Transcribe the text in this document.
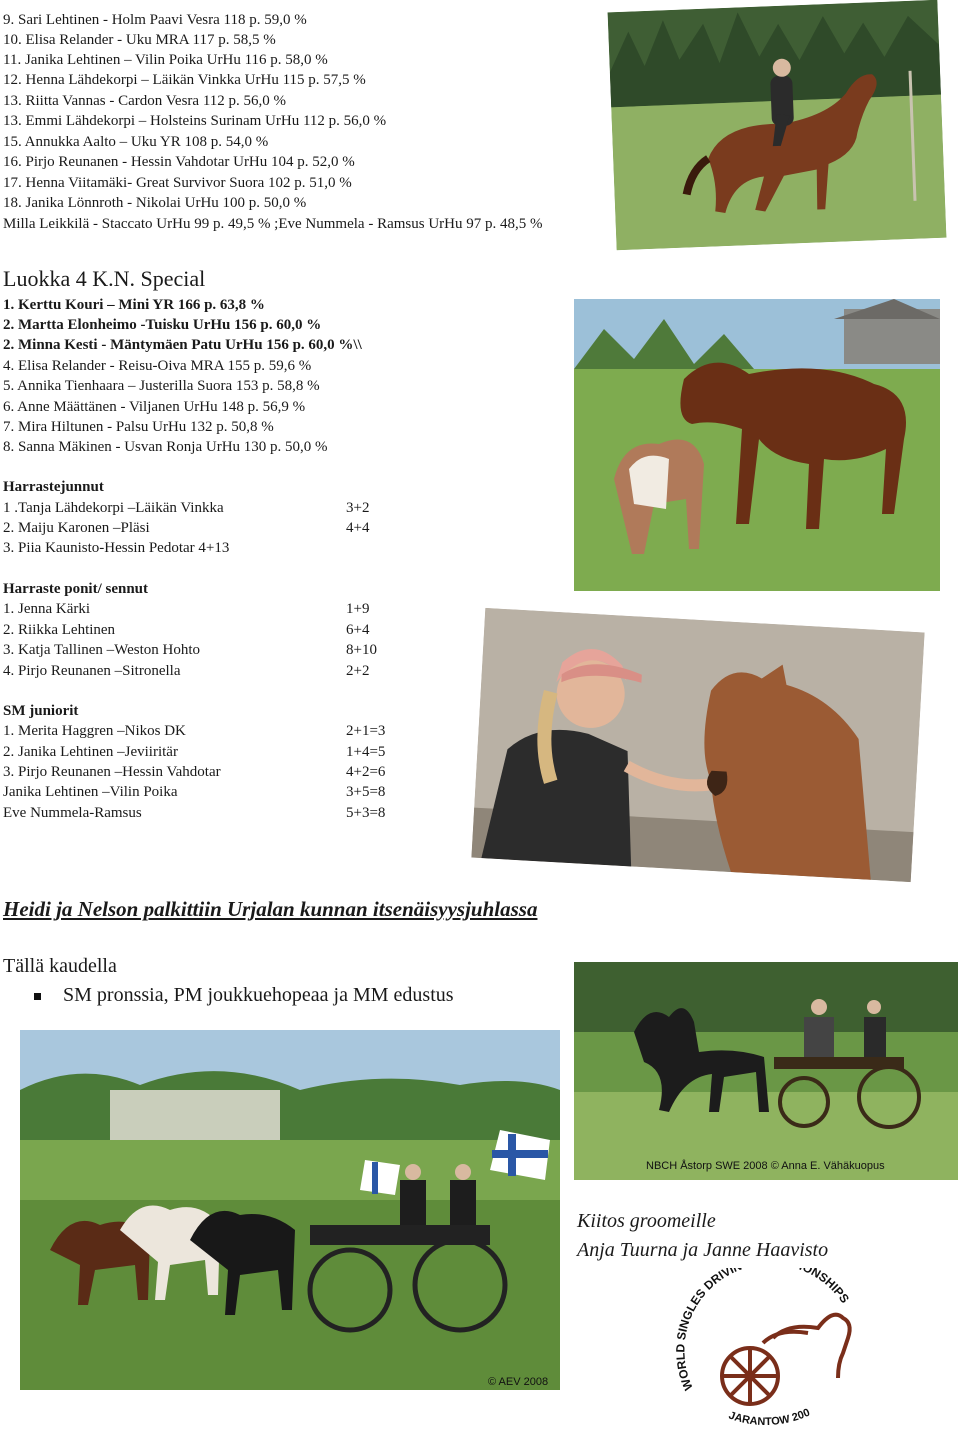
9. Sari Lehtinen - Holm Paavi Vesra 118 p. 59,0 %
10. Elisa Relander - Uku MRA 117 p. 58,5 %
11. Janika Lehtinen – Vilin Poika UrHu 116 p. 58,0 %
12. Henna Lähdekorpi – Läikän Vinkka UrHu 115 p. 57,5 %
13. Riitta Vannas - Cardon Vesra 112 p. 56,0 %
13. Emmi Lähdekorpi – Holsteins Surinam UrHu 112 p. 56,0 %
15. Annukka Aalto – Uku YR 108 p. 54,0 %
16. Pirjo Reunanen - Hessin Vahdotar UrHu 104 p. 52,0 %
17. Henna Viitamäki- Great Survivor Suora 102 p. 51,0 %
18. Janika Lönnroth - Nikolai UrHu 100 p. 50,0 %
Milla Leikkilä - Staccato UrHu 99 p. 49,5 % ;Eve Nummela - Ramsus UrHu 97 p. 48,5 %
Luokka 4 K.N. Special
1. Kerttu Kouri – Mini YR 166 p. 63,8 %
2. Martta Elonheimo -Tuisku UrHu 156 p. 60,0 %
2. Minna Kesti - Mäntymäen Patu UrHu 156 p. 60,0 %\\
4. Elisa Relander - Reisu-Oiva MRA 155 p. 59,6 %
5. Annika Tienhaara – Justerilla Suora 153 p. 58,8 %
6. Anne Määttänen - Viljanen UrHu 148 p. 56,9 %
7. Mira Hiltunen - Palsu UrHu 132 p. 50,8 %
8. Sanna Mäkinen - Usvan Ronja UrHu 130 p. 50,0 %
Harrastejunnut
1 .Tanja Lähdekorpi –Läikän Vinkka	3+2
2. Maiju Karonen –Pläsi	4+4
3. Piia Kaunisto-Hessin Pedotar 4+13
Harraste ponit/ sennut
1. Jenna Kärki	1+9
2. Riikka Lehtinen	6+4
3. Katja Tallinen –Weston Hohto	8+10
4. Pirjo Reunanen –Sitronella	2+2
SM juniorit
1. Merita Haggren –Nikos DK	2+1=3
2. Janika Lehtinen –Jeviiritär	1+4=5
3. Pirjo Reunanen –Hessin Vahdotar	4+2=6
Janika Lehtinen –Vilin Poika	3+5=8
Eve Nummela-Ramsus	5+3=8
Heidi ja Nelson palkittiin Urjalan kunnan itsenäisyysjuhlassa
Tällä kaudella
SM pronssia, PM joukkuehopeaa ja MM edustus
NBCH Åstorp SWE 2008 © Anna E. Vähäkuopus
© AEV 2008
Kiitos groomeille
Anja Tuurna ja Janne Haavisto
WORLD SINGLES DRIVI ONSHIPS
JARANTOW 200
